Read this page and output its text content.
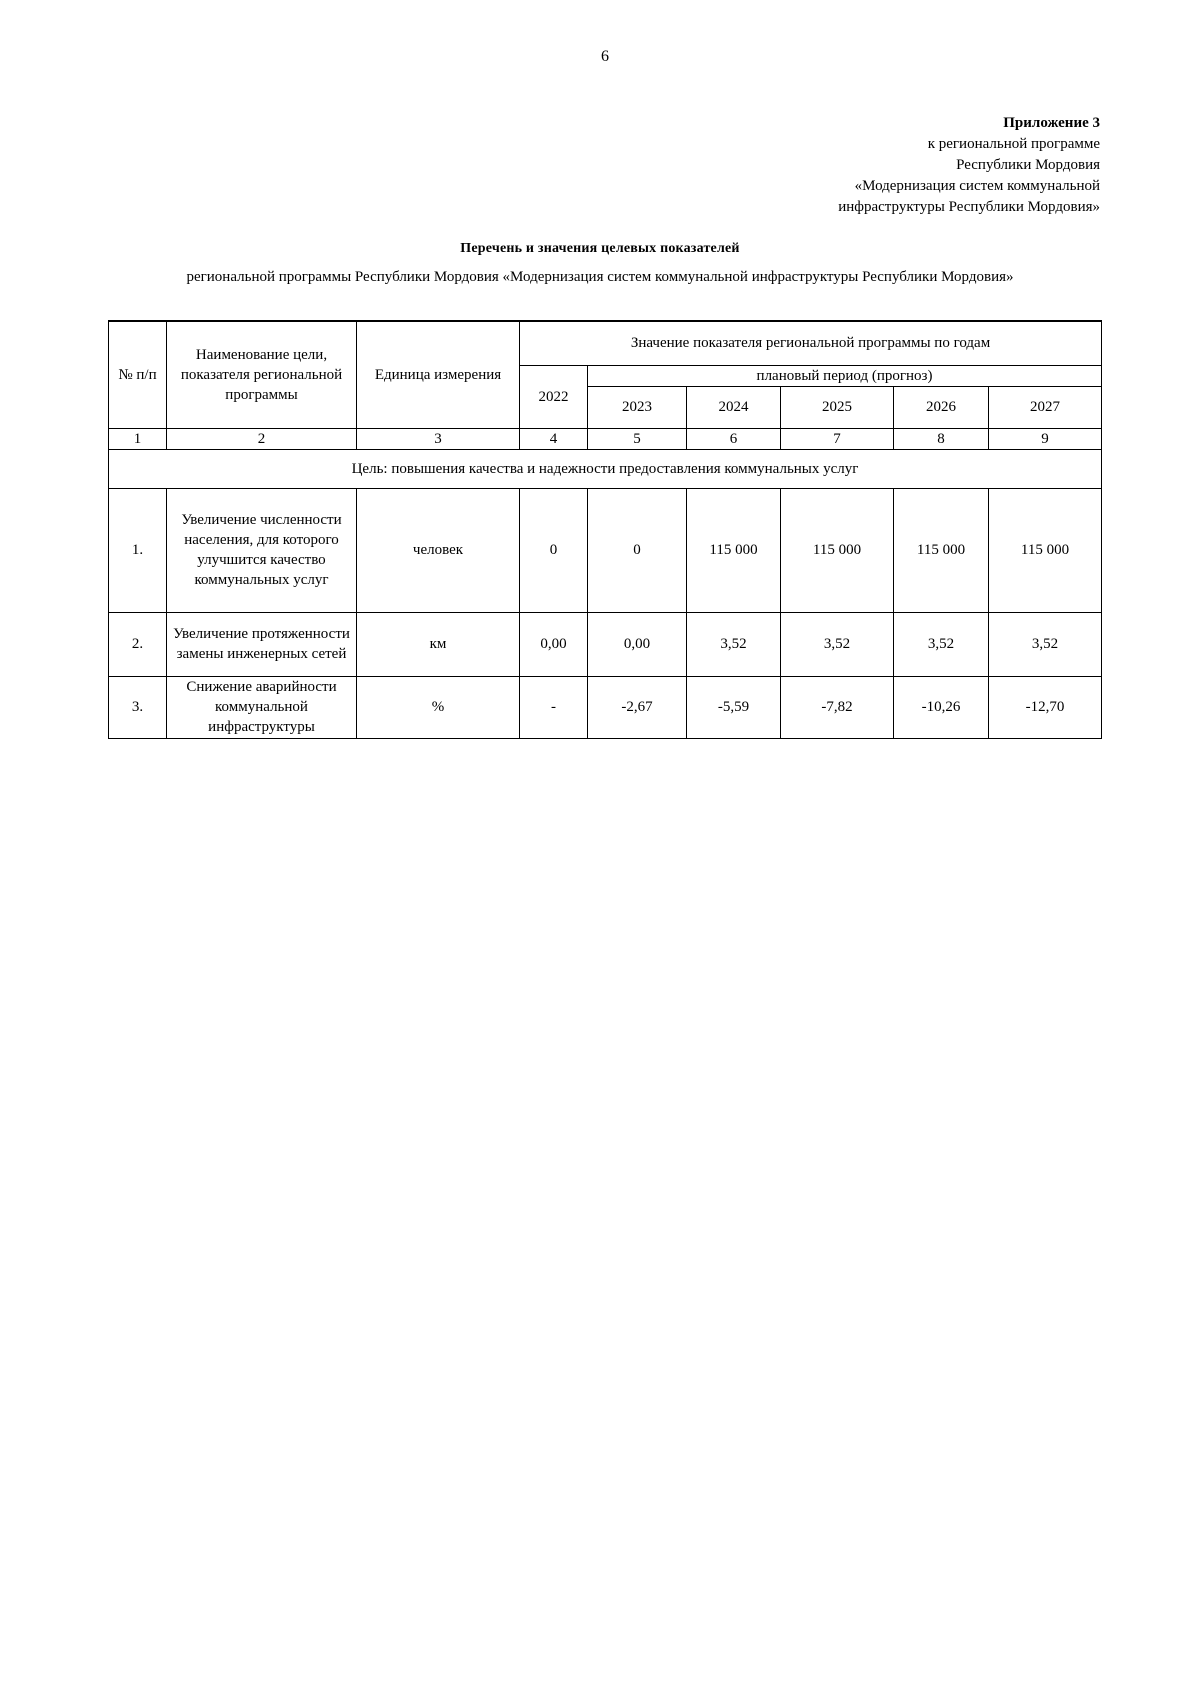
6
Приложение 3
к региональной программе
Республики Мордовия
«Модернизация систем коммунальной
инфраструктуры Республики Мордовия»
Перечень и значения целевых показателей
региональной программы Республики Мордовия «Модернизация систем коммунальной инфраструктуры Республики Мордовия»
№ п/п	Наименование цели, показателя региональной программы	Единица измерения	Значение показателя региональной программы по годам					
			2022	плановый период (прогноз)				
				2023	2024	2025	2026	2027
1	2	3	4	5	6	7	8	9
Цель: повышения качества и надежности предоставления коммунальных услуг								
1.	Увеличение численности населения, для которого улучшится качество коммунальных услуг	человек	0	0	115 000	115 000	115 000	115 000
2.	Увеличение протяженности замены инженерных сетей	км	0,00	0,00	3,52	3,52	3,52	3,52
3.	Снижение аварийности коммунальной инфраструктуры	%	-	-2,67	-5,59	-7,82	-10,26	-12,70
